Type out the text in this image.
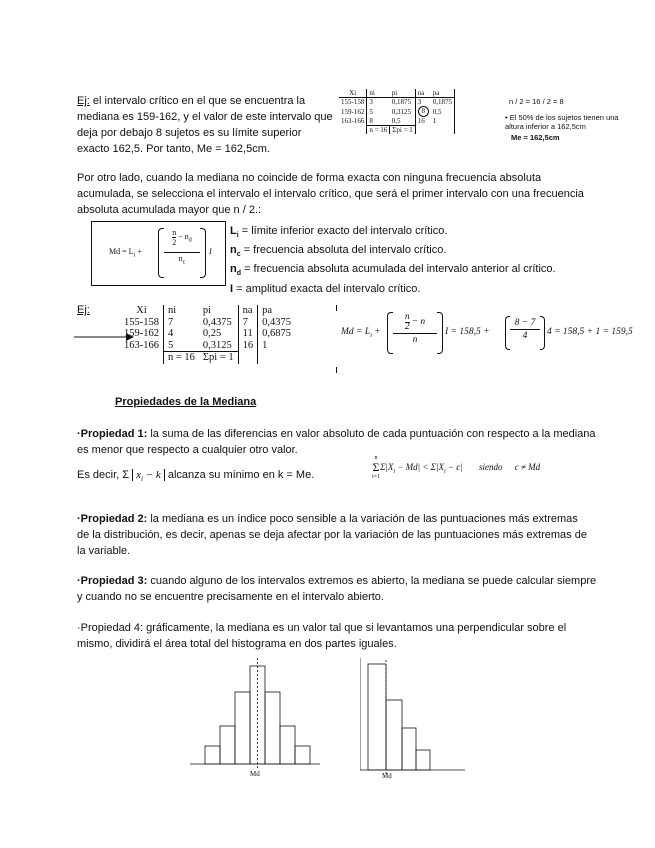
Ej: el intervalo crítico en el que se encuentra la mediana es 159-162, y el valor de este intervalo que deja por debajo 8 sujetos es su límite superior exacto 162,5. Por tanto, Me = 162,5cm.
Xi	ni	pi	na	pa
155-158	3	0,1875	3	0,1875
159-162	5	0,3125	8	0,5
163-166	8	0,5	16	1
	n = 16	Σpi = 1		
n / 2 = 16 / 2 = 8
• El 50% de los sujetos tienen una altura inferior a 162,5cm
Me = 162,5cm
Por otro lado, cuando la mediana no coincide de forma exacta con ninguna frecuencia absoluta acumulada, se selecciona el intervalo el intervalo crítico, que será el primer intervalo con una frecuencia absoluta acumulada mayor que n / 2.:
$Md = L_i$ +
n
2
− $n_d$
$n_c$
I
$L_i$ = límite inferior exacto del intervalo crítico.
$n_c$ = frecuencia absoluta del intervalo crítico.
$n_d$ = frecuencia absoluta acumulada del intervalo anterior al crítico.
I = amplitud exacta del intervalo crítico.
Ej:	Xi	ni	pi	na	pa
155-158	7	0,4375	7	0,4375
159-162	4	0,25	11	0,6875
163-166	5	0,3125	16	1
	n = 16	Σpi = 1		
$Md = L_i$ +
n
2 − n
n
I = 158,5 +
8 − 7
4	4 = 158,5 + 1 = 159,5
Propiedades de la Mediana
·Propiedad 1: la suma de las diferencias en valor absoluto de cada puntuación con respecto a la mediana es menor que respecto a cualquier otro valor.
Es decir, Σ $x_i - k$ alcanza su mínimo en k = Me.
n
Σ
$i=1\Sigma|X_i - Md| < \Sigma|X_i - c|$ siendo c ≠ Md
·Propiedad 2: la mediana es un índice poco sensible a la variación de las puntuaciones más extremas de la distribución, es decir, apenas se deja afectar por la variación de las puntuaciones más extremas de la variable.
·Propiedad 3: cuando alguno de los intervalos extremos es abierto, la mediana se puede calcular siempre y cuando no se encuentre precisamente en el intervalo abierto.
·Propiedad 4: gráficamente, la mediana es un valor tal que si levantamos una perpendicular sobre el mismo, dividirá el área total del histograma en dos partes iguales.
Md	Md
